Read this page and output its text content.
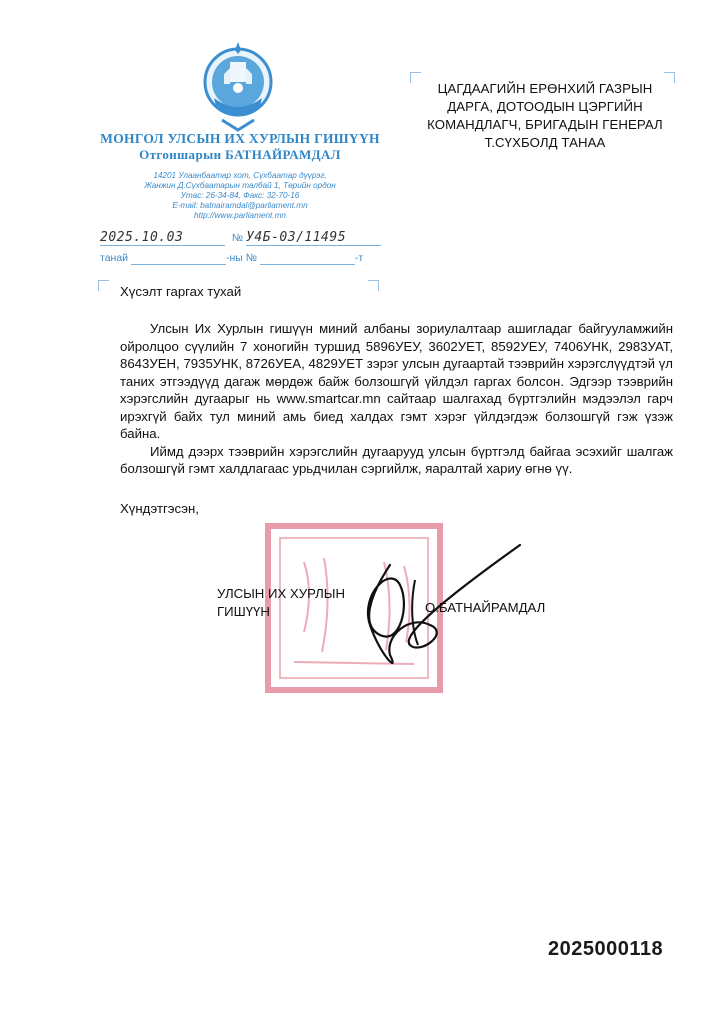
МОНГОЛ УЛСЫН ИХ ХУРЛЫН ГИШҮҮН
Отгоншарын БАТНАЙРАМДАЛ
14201 Улаанбаатар хот, Сүхбаатар дүүрэг,
Жанжин Д.Сүхбаатарын талбай 1, Төрийн ордон
Утас: 26-34-84, Факс: 32-70-16
E-mail: batnairamdal@parliament.mn
http://www.parliament.mn
2025.10.03	№ У4Б-03/11495
танай	-ны №	-т
ЦАГДААГИЙН ЕРӨНХИЙ ГАЗРЫН
ДАРГА, ДОТООДЫН ЦЭРГИЙН
КОМАНДЛАГЧ, БРИГАДЫН ГЕНЕРАЛ
Т.СҮХБОЛД ТАНАА
Хүсэлт гаргах тухай

Улсын Их Хурлын гишүүн миний албаны зориулалтаар ашигладаг байгууламжийн ойролцоо сүүлийн 7 хоногийн туршид 5896УЕУ, 3602УЕТ, 8592УЕУ, 7406УНК, 2983УАТ, 8643УЕН, 7935УНК, 8726УЕА, 4829УЕТ зэрэг улсын дугаартай тээврийн хэрэгслүүдтэй үл таних этгээдүүд дагаж мөрдөж байж болзошгүй үйлдэл гаргах болсон. Эдгээр тээврийн хэрэгслийн дугаарыг нь www.smartcar.mn сайтаар шалгахад бүртгэлийн мэдээлэл гарч ирэхгүй байх тул миний амь биед халдах гэмт хэрэг үйлдэгдэж болзошгүй гэж үзэж байна.

Иймд дээрх тээврийн хэрэгслийн дугаарууд улсын бүртгэлд байгаа эсэхийг шалгаж болзошгүй гэмт халдлагаас урьдчилан сэргийлж, яаралтай хариу өгнө үү.

Хүндэтгэсэн,
УЛСЫН ИХ ХУРЛЫН
ГИШҮҮН	О.БАТНАЙРАМДАЛ
2025000118
